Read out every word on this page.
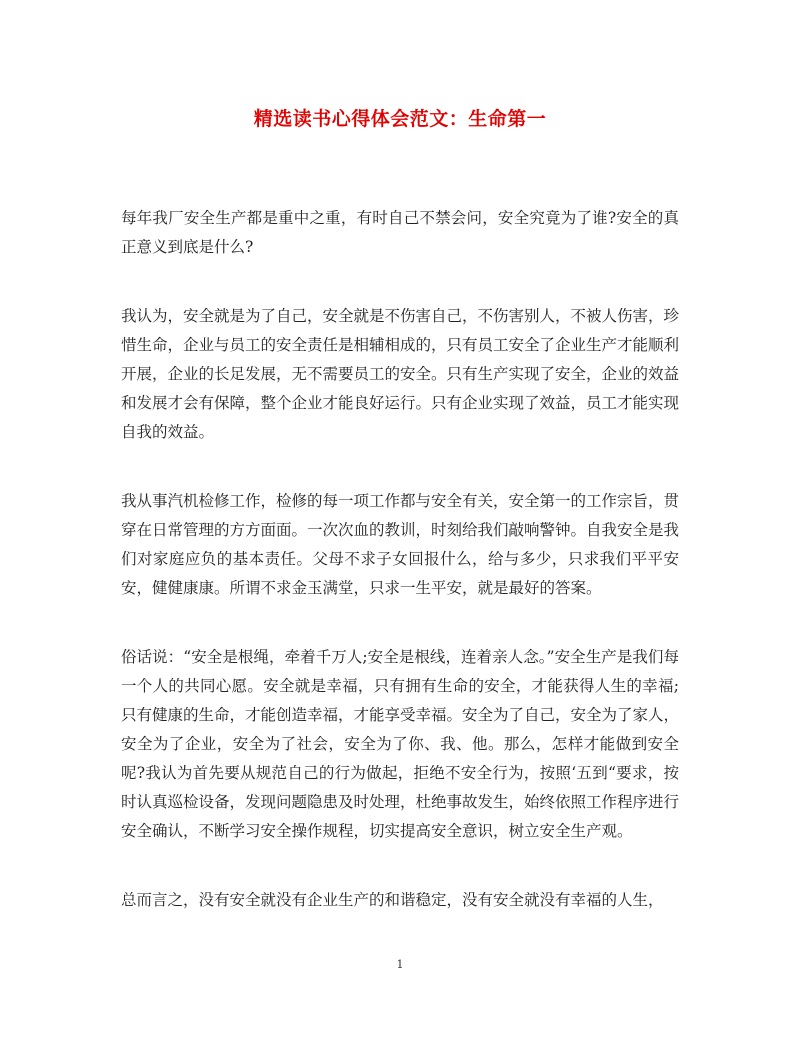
精选读书心得体会范文：生命第一

每年我厂安全生产都是重中之重，有时自己不禁会问，安全究竟为了谁?安全的真正意义到底是什么?

我认为，安全就是为了自己，安全就是不伤害自己，不伤害别人，不被人伤害，珍惜生命，企业与员工的安全责任是相辅相成的，只有员工安全了企业生产才能顺利开展，企业的长足发展，无不需要员工的安全。只有生产实现了安全，企业的效益和发展才会有保障，整个企业才能良好运行。只有企业实现了效益，员工才能实现自我的效益。

我从事汽机检修工作，检修的每一项工作都与安全有关，安全第一的工作宗旨，贯穿在日常管理的方方面面。一次次血的教训，时刻给我们敲响警钟。自我安全是我们对家庭应负的基本责任。父母不求子女回报什么，给与多少，只求我们平平安安，健健康康。所谓不求金玉满堂，只求一生平安，就是最好的答案。

俗话说：“安全是根绳，牵着千万人;安全是根线，连着亲人念。”安全生产是我们每一个人的共同心愿。安全就是幸福，只有拥有生命的安全，才能获得人生的幸福;只有健康的生命，才能创造幸福，才能享受幸福。安全为了自己，安全为了家人，安全为了企业，安全为了社会，安全为了你、我、他。那么，怎样才能做到安全呢?我认为首先要从规范自己的行为做起，拒绝不安全行为，按照‘五到“要求，按时认真巡检设备，发现问题隐患及时处理，杜绝事故发生，始终依照工作程序进行安全确认，不断学习安全操作规程，切实提高安全意识，树立安全生产观。

总而言之，没有安全就没有企业生产的和谐稳定，没有安全就没有幸福的人生，

1
